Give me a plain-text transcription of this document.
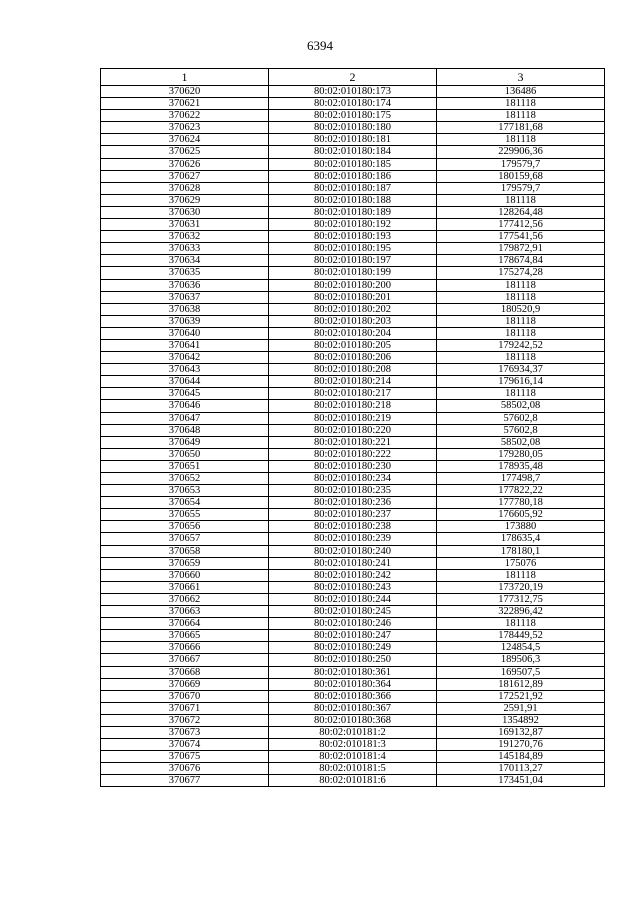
6394
1	2	3
370620	80:02:010180:173	136486
370621	80:02:010180:174	181118
370622	80:02:010180:175	181118
370623	80:02:010180:180	177181,68
370624	80:02:010180:181	181118
370625	80:02:010180:184	229906,36
370626	80:02:010180:185	179579,7
370627	80:02:010180:186	180159,68
370628	80:02:010180:187	179579,7
370629	80:02:010180:188	181118
370630	80:02:010180:189	128264,48
370631	80:02:010180:192	177412,56
370632	80:02:010180:193	177541,56
370633	80:02:010180:195	179872,91
370634	80:02:010180:197	178674,84
370635	80:02:010180:199	175274,28
370636	80:02:010180:200	181118
370637	80:02:010180:201	181118
370638	80:02:010180:202	180520,9
370639	80:02:010180:203	181118
370640	80:02:010180:204	181118
370641	80:02:010180:205	179242,52
370642	80:02:010180:206	181118
370643	80:02:010180:208	176934,37
370644	80:02:010180:214	179616,14
370645	80:02:010180:217	181118
370646	80:02:010180:218	58502,08
370647	80:02:010180:219	57602,8
370648	80:02:010180:220	57602,8
370649	80:02:010180:221	58502,08
370650	80:02:010180:222	179280,05
370651	80:02:010180:230	178935,48
370652	80:02:010180:234	177498,7
370653	80:02:010180:235	177822,22
370654	80:02:010180:236	177780,18
370655	80:02:010180:237	176605,92
370656	80:02:010180:238	173880
370657	80:02:010180:239	178635,4
370658	80:02:010180:240	178180,1
370659	80:02:010180:241	175076
370660	80:02:010180:242	181118
370661	80:02:010180:243	173720,19
370662	80:02:010180:244	177312,75
370663	80:02:010180:245	322896,42
370664	80:02:010180:246	181118
370665	80:02:010180:247	178449,52
370666	80:02:010180:249	124854,5
370667	80:02:010180:250	189506,3
370668	80:02:010180:361	169507,5
370669	80:02:010180:364	181612,89
370670	80:02:010180:366	172521,92
370671	80:02:010180:367	2591,91
370672	80:02:010180:368	1354892
370673	80:02:010181:2	169132,87
370674	80:02:010181:3	191270,76
370675	80:02:010181:4	145184,89
370676	80:02:010181:5	170113,27
370677	80:02:010181:6	173451,04
